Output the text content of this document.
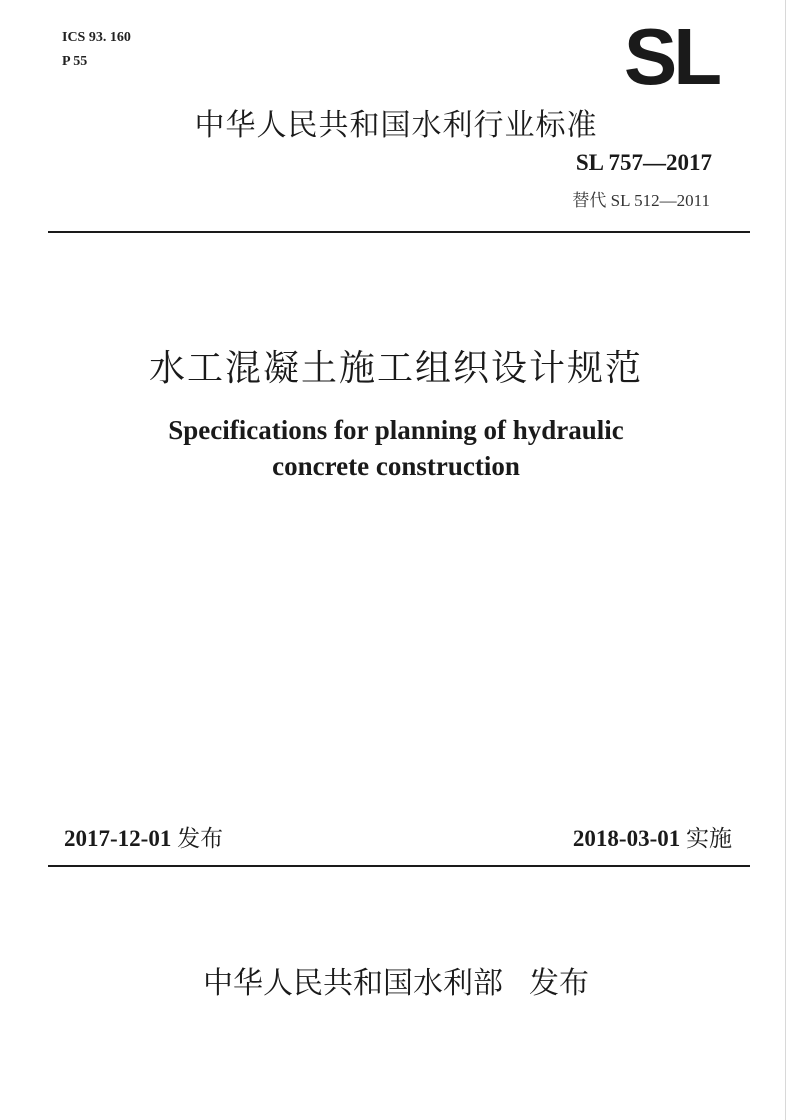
ICS 93. 160
P 55	SL
中华人民共和国水利行业标准
SL 757—2017
替代 SL 512—2011
水工混凝土施工组织设计规范
Specifications for planning of hydraulic
concrete construction
2017-12-01 发布	2018-03-01 实施
中华人民共和国水利部 发布
